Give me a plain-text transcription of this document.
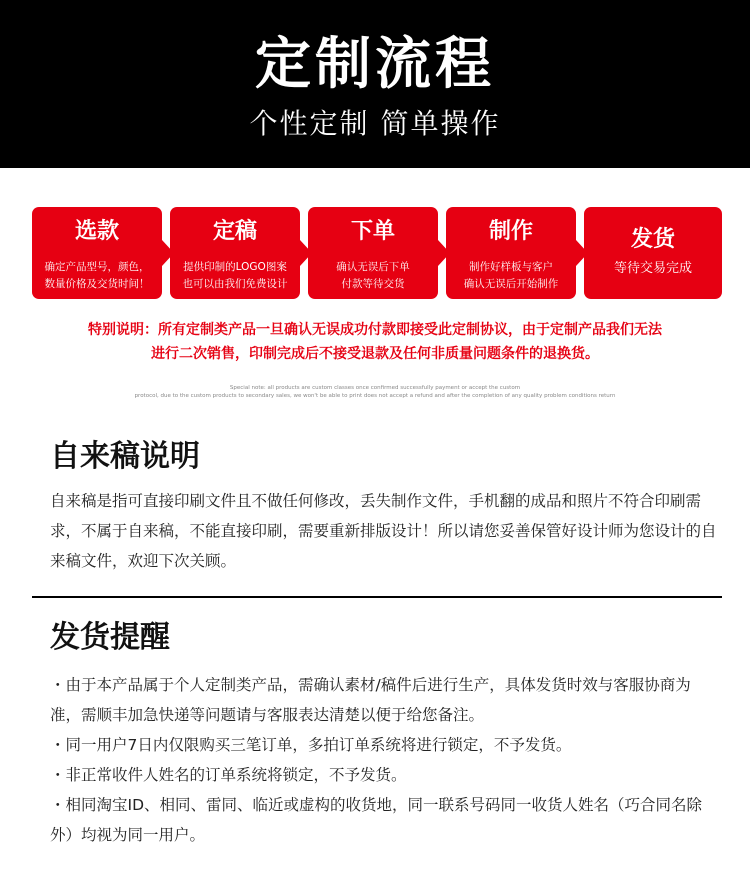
定制流程
个性定制 简单操作
选款
确定产品型号，颜色，
数量价格及交货时间！
定稿
提供印制的LOGO图案
也可以由我们免费设计
下单
确认无误后下单
付款等待交货
制作
制作好样板与客户
确认无误后开始制作
发货
等待交易完成
特别说明：所有定制类产品一旦确认无误成功付款即接受此定制协议，由于定制产品我们无法
进行二次销售，印制完成后不接受退款及任何非质量问题条件的退换货。
Special note: all products are custom classes once confirmed successfully payment or accept the custom
protocol, due to the custom products to secondary sales, we won't be able to print does not accept a refund and after the completion of any quality problem conditions return
自来稿说明
自来稿是指可直接印刷文件且不做任何修改，丢失制作文件，手机翻的成品和照片不符合印刷需求，不属于自来稿，不能直接印刷，需要重新排版设计！所以请您妥善保管好设计师为您设计的自来稿文件，欢迎下次关顾。
发货提醒
・由于本产品属于个人定制类产品，需确认素材/稿件后进行生产，具体发货时效与客服协商为准，需顺丰加急快递等问题请与客服表达清楚以便于给您备注。
・同一用户7日内仅限购买三笔订单，多拍订单系统将进行锁定，不予发货。
・非正常收件人姓名的订单系统将锁定，不予发货。
・相同淘宝ID、相同、雷同、临近或虚构的收货地，同一联系号码同一收货人姓名（巧合同名除外）均视为同一用户。
